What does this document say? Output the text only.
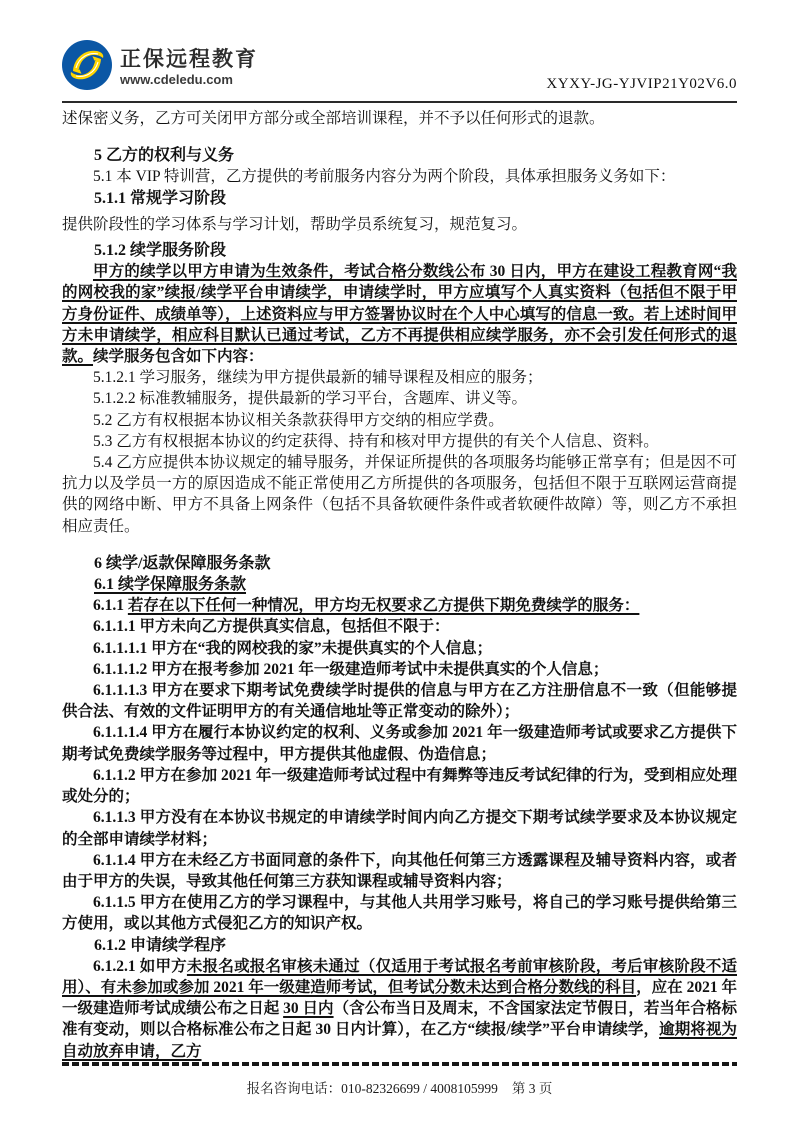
正保远程教育
www.cdeledu.com	XYXY-JG-YJVIP21Y02V6.0

述保密义务，乙方可关闭甲方部分或全部培训课程，并不予以任何形式的退款。

5 乙方的权利与义务

5.1 本 VIP 特训营，乙方提供的考前服务内容分为两个阶段，具体承担服务义务如下：

5.1.1 常规学习阶段

提供阶段性的学习体系与学习计划，帮助学员系统复习，规范复习。

5.1.2 续学服务阶段

甲方的续学以甲方申请为生效条件，考试合格分数线公布 30 日内，甲方在建设工程教育网“我的网校我的家”续报/续学平台申请续学，申请续学时，甲方应填写个人真实资料（包括但不限于甲方身份证件、成绩单等），上述资料应与甲方签署协议时在个人中心填写的信息一致。若上述时间甲方未申请续学，相应科目默认已通过考试，乙方不再提供相应续学服务，亦不会引发任何形式的退款。续学服务包含如下内容：

5.1.2.1 学习服务，继续为甲方提供最新的辅导课程及相应的服务；

5.1.2.2 标准教辅服务，提供最新的学习平台，含题库、讲义等。

5.2 乙方有权根据本协议相关条款获得甲方交纳的相应学费。

5.3 乙方有权根据本协议的约定获得、持有和核对甲方提供的有关个人信息、资料。

5.4 乙方应提供本协议规定的辅导服务，并保证所提供的各项服务均能够正常享有；但是因不可抗力以及学员一方的原因造成不能正常使用乙方所提供的各项服务，包括但不限于互联网运营商提供的网络中断、甲方不具备上网条件（包括不具备软硬件条件或者软硬件故障）等，则乙方不承担相应责任。

6 续学/返款保障服务条款

6.1 续学保障服务条款

6.1.1 若存在以下任何一种情况，甲方均无权要求乙方提供下期免费续学的服务：

6.1.1.1 甲方未向乙方提供真实信息，包括但不限于：

6.1.1.1.1 甲方在“我的网校我的家”未提供真实的个人信息；

6.1.1.1.2 甲方在报考参加 2021 年一级建造师考试中未提供真实的个人信息；

6.1.1.1.3 甲方在要求下期考试免费续学时提供的信息与甲方在乙方注册信息不一致（但能够提供合法、有效的文件证明甲方的有关通信地址等正常变动的除外）；

6.1.1.1.4 甲方在履行本协议约定的权利、义务或参加 2021 年一级建造师考试或要求乙方提供下期考试免费续学服务等过程中，甲方提供其他虚假、伪造信息；

6.1.1.2 甲方在参加 2021 年一级建造师考试过程中有舞弊等违反考试纪律的行为，受到相应处理或处分的；

6.1.1.3 甲方没有在本协议书规定的申请续学时间内向乙方提交下期考试续学要求及本协议规定的全部申请续学材料；

6.1.1.4 甲方在未经乙方书面同意的条件下，向其他任何第三方透露课程及辅导资料内容，或者由于甲方的失误，导致其他任何第三方获知课程或辅导资料内容；

6.1.1.5 甲方在使用乙方的学习课程中，与其他人共用学习账号，将自己的学习账号提供给第三方使用，或以其他方式侵犯乙方的知识产权。

6.1.2 申请续学程序

6.1.2.1 如甲方未报名或报名审核未通过（仅适用于考试报名考前审核阶段，考后审核阶段不适用）、有未参加或参加 2021 年一级建造师考试，但考试分数未达到合格分数线的科目，应在 2021 年一级建造师考试成绩公布之日起 30 日内（含公布当日及周末，不含国家法定节假日，若当年合格标准有变动，则以合格标准公布之日起 30 日内计算），在乙方“续报/续学”平台申请续学，逾期将视为自动放弃申请，乙方

报名咨询电话：010-82326699 / 4008105999 第 3 页
